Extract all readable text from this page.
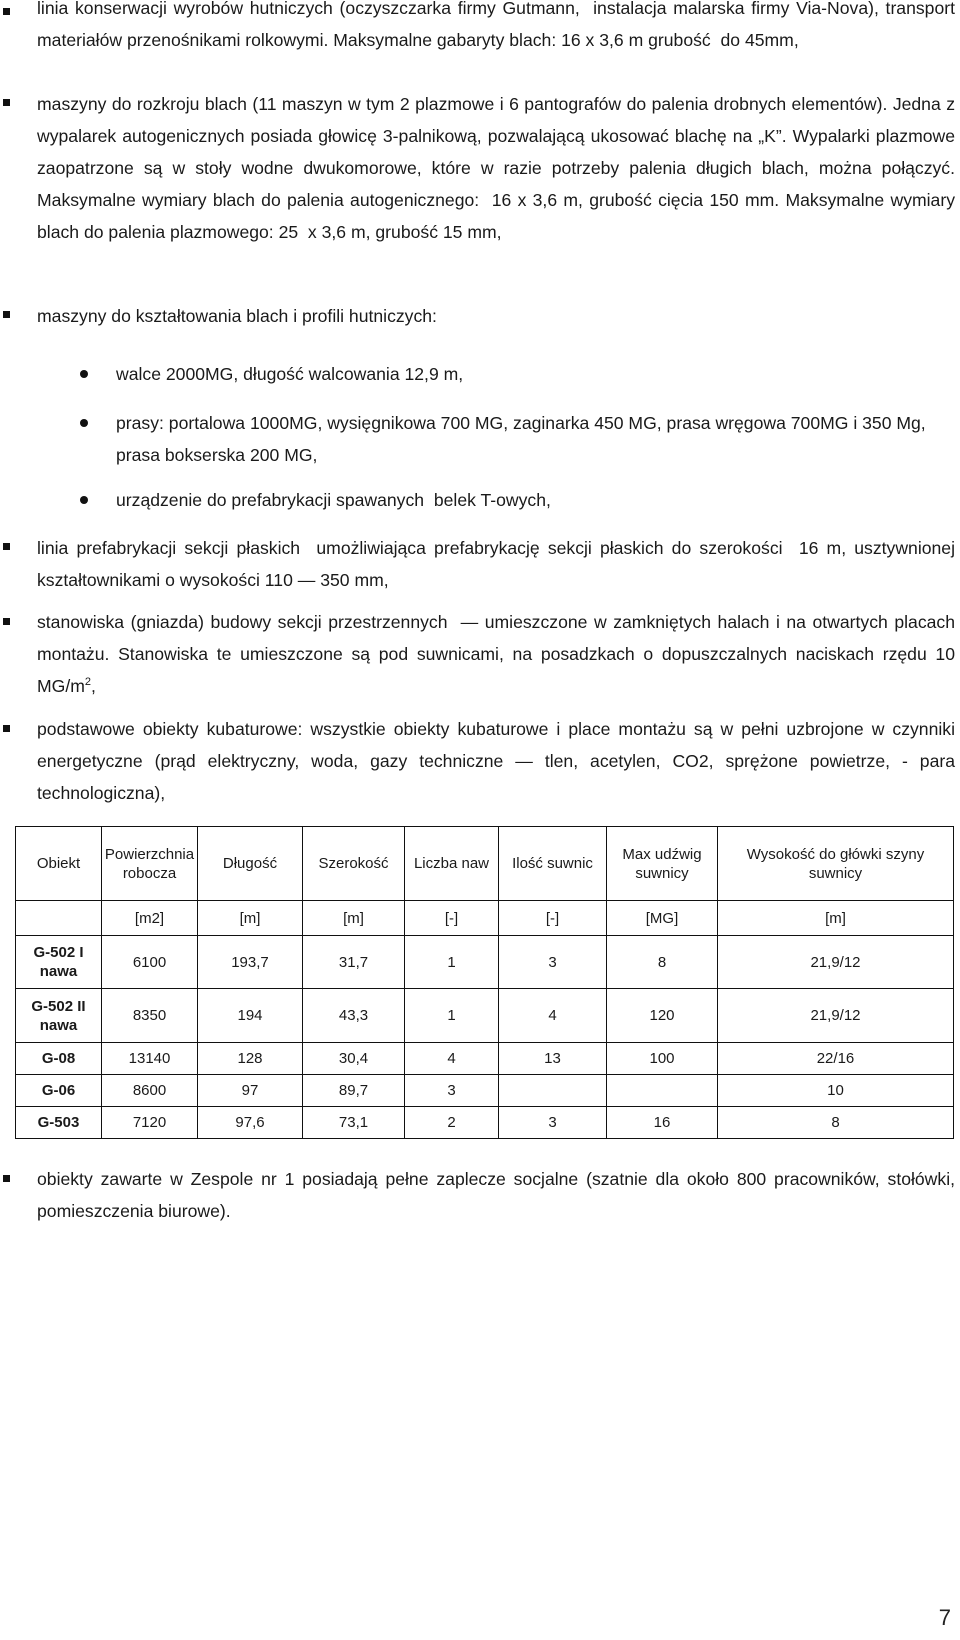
linia konserwacji wyrobów hutniczych (oczyszczarka firmy Gutmann,  instalacja malarska firmy Via-Nova), transport materiałów przenośnikami rolkowymi. Maksymalne gabaryty blach: 16 x 3,6 m grubość  do 45mm,
maszyny do rozkroju blach (11 maszyn w tym 2 plazmowe i 6 pantografów do palenia drobnych elementów). Jedna z wypalarek autogenicznych posiada głowicę 3-palnikową, pozwalającą ukosować blachę na „K”. Wypalarki plazmowe zaopatrzone są w stoły wodne dwukomorowe, które w razie potrzeby palenia długich blach, można połączyć. Maksymalne wymiary blach do palenia autogenicznego:  16 x 3,6 m, grubość cięcia 150 mm. Maksymalne wymiary blach do palenia plazmowego: 25  x 3,6 m, grubość 15 mm,
maszyny do kształtowania blach i profili hutniczych:
walce 2000MG, długość walcowania 12,9 m,
prasy: portalowa 1000MG, wysięgnikowa 700 MG, zaginarka 450 MG, prasa wręgowa 700MG i 350 Mg, prasa bokserska 200 MG,
urządzenie do prefabrykacji spawanych  belek T-owych,
linia prefabrykacji sekcji płaskich  umożliwiająca prefabrykację sekcji płaskich do szerokości  16 m, usztywnionej kształtownikami o wysokości 110 — 350 mm,
stanowiska (gniazda) budowy sekcji przestrzennych  — umieszczone w zamkniętych halach i na otwartych placach montażu. Stanowiska te umieszczone są pod suwnicami, na posadzkach o dopuszczalnych naciskach rzędu 10 $MG/m^2$,
podstawowe obiekty kubaturowe: wszystkie obiekty kubaturowe i place montażu są w pełni uzbrojone w czynniki energetyczne (prąd elektryczny, woda, gazy techniczne — tlen, acetylen, CO2, sprężone powietrze, - para technologiczna),
Obiekt	Powierzchnia robocza	Długość	Szerokość	Liczba naw	Ilość suwnic	Max udźwig suwnicy	Wysokość do główki szyny suwnicy
	[m2]	[m]	[m]	[-]	[-]	[MG]	[m]
G-502 I nawa	6100	193,7	31,7	1	3	8	21,9/12
G-502 II nawa	8350	194	43,3	1	4	120	21,9/12
G-08	13140	128	30,4	4	13	100	22/16
G-06	8600	97	89,7	3			10
G-503	7120	97,6	73,1	2	3	16	8
obiekty zawarte w Zespole nr 1 posiadają pełne zaplecze socjalne (szatnie dla około 800 pracowników, stołówki, pomieszczenia biurowe).
7
